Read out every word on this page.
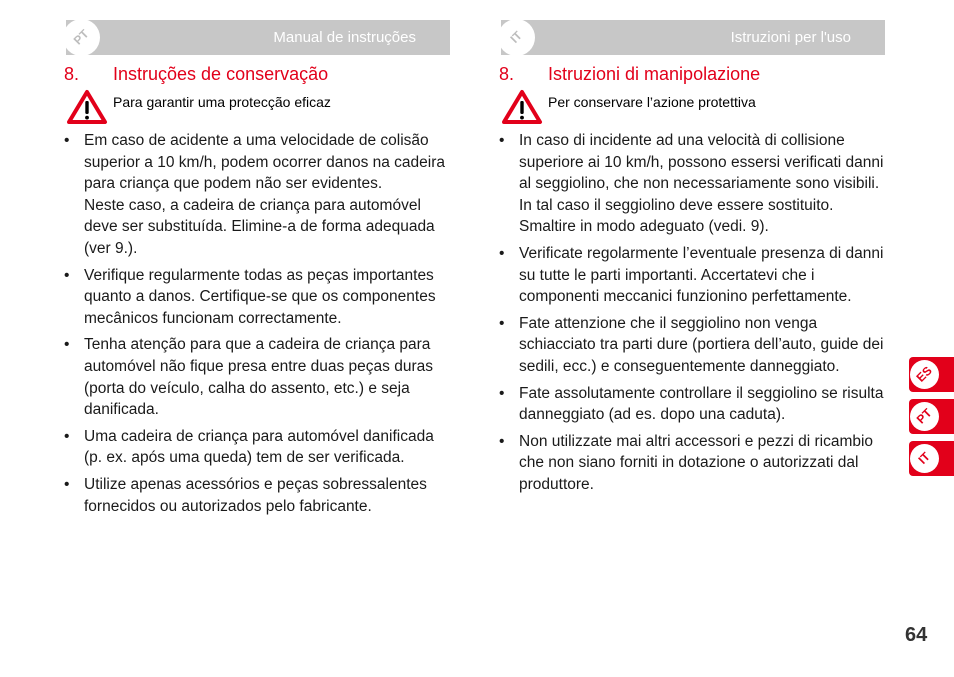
PT	Manual de instruções
8. Instruções de conservação
Para garantir uma protecção eficaz
• Em caso de acidente a uma velocidade de colisão superior a 10 km/h, podem ocorrer danos na cadeira para criança que podem não ser evidentes.
Neste caso, a cadeira de criança para automóvel deve ser substituída. Elimine-a de forma adequada (ver 9.).
• Verifique regularmente todas as peças importantes quanto a danos. Certifique-se que os componentes mecânicos funcionam correctamente.
• Tenha atenção para que a cadeira de criança para automóvel não fique presa entre duas peças duras (porta do veículo, calha do assento, etc.) e seja danificada.
• Uma cadeira de criança para automóvel danificada (p. ex. após uma queda) tem de ser verificada.
• Utilize apenas acessórios e peças sobressalentes fornecidos ou autorizados pelo fabricante.
IT	Istruzioni per l'uso
8. Istruzioni di manipolazione
Per conservare l’azione protettiva
• In caso di incidente ad una velocità di collisione superiore ai 10 km/h, possono essersi verificati danni al seggiolino, che non necessariamente sono visibili.
In tal caso il seggiolino deve essere sostituito. Smaltire in modo adeguato (vedi. 9).
• Verificate regolarmente l’eventuale presenza di danni su tutte le parti importanti. Accertatevi che i componenti meccanici funzionino perfettamente.
• Fate attenzione che il seggiolino non venga schiacciato tra parti dure (portiera dell’auto, guide dei sedili, ecc.) e conseguentemente danneggiato.
• Fate assolutamente controllare il seggiolino se risulta danneggiato (ad es. dopo una caduta).
• Non utilizzate mai altri accessori e pezzi di ricambio che non siano forniti in dotazione o autorizzati dal produttore.
ES
PT
IT
64
